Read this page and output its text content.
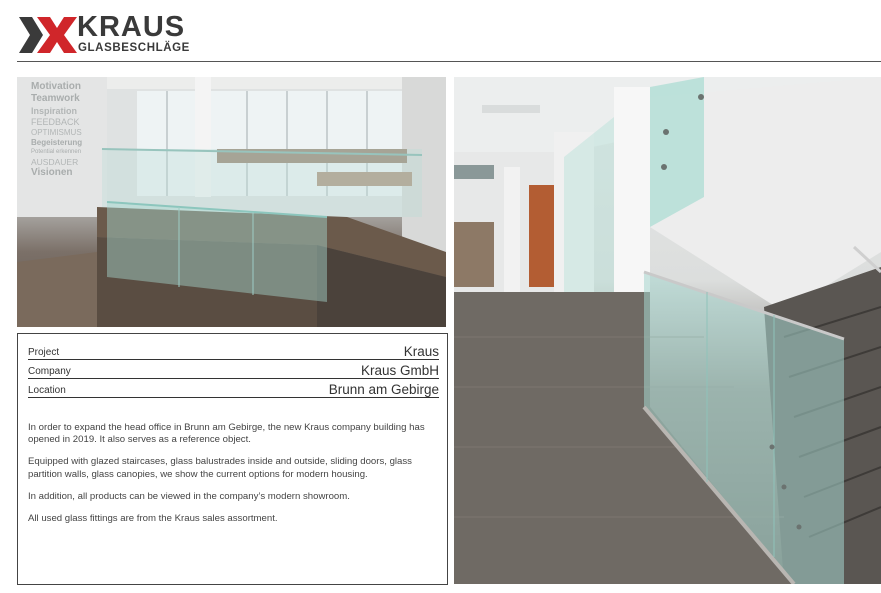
KRAUS
GLASBESCHLÄGE
Motivation
Teamwork
Inspiration
FEEDBACK
OPTIMISMUS
Begeisterung
Potential erkennen
AUSDAUER
Visionen
Project	Kraus
Company	Kraus GmbH
Location	Brunn am Gebirge

In order to expand the head office in Brunn am Gebirge, the new Kraus company building has opened in 2019. It also serves as a reference object.

Equipped with glazed staircases, glass balustrades inside and outside, sliding doors, glass partition walls, glass canopies, we show the current options for modern housing.

In addition, all products can be viewed in the company’s modern showroom.

All used glass fittings are from the Kraus sales assortment.
